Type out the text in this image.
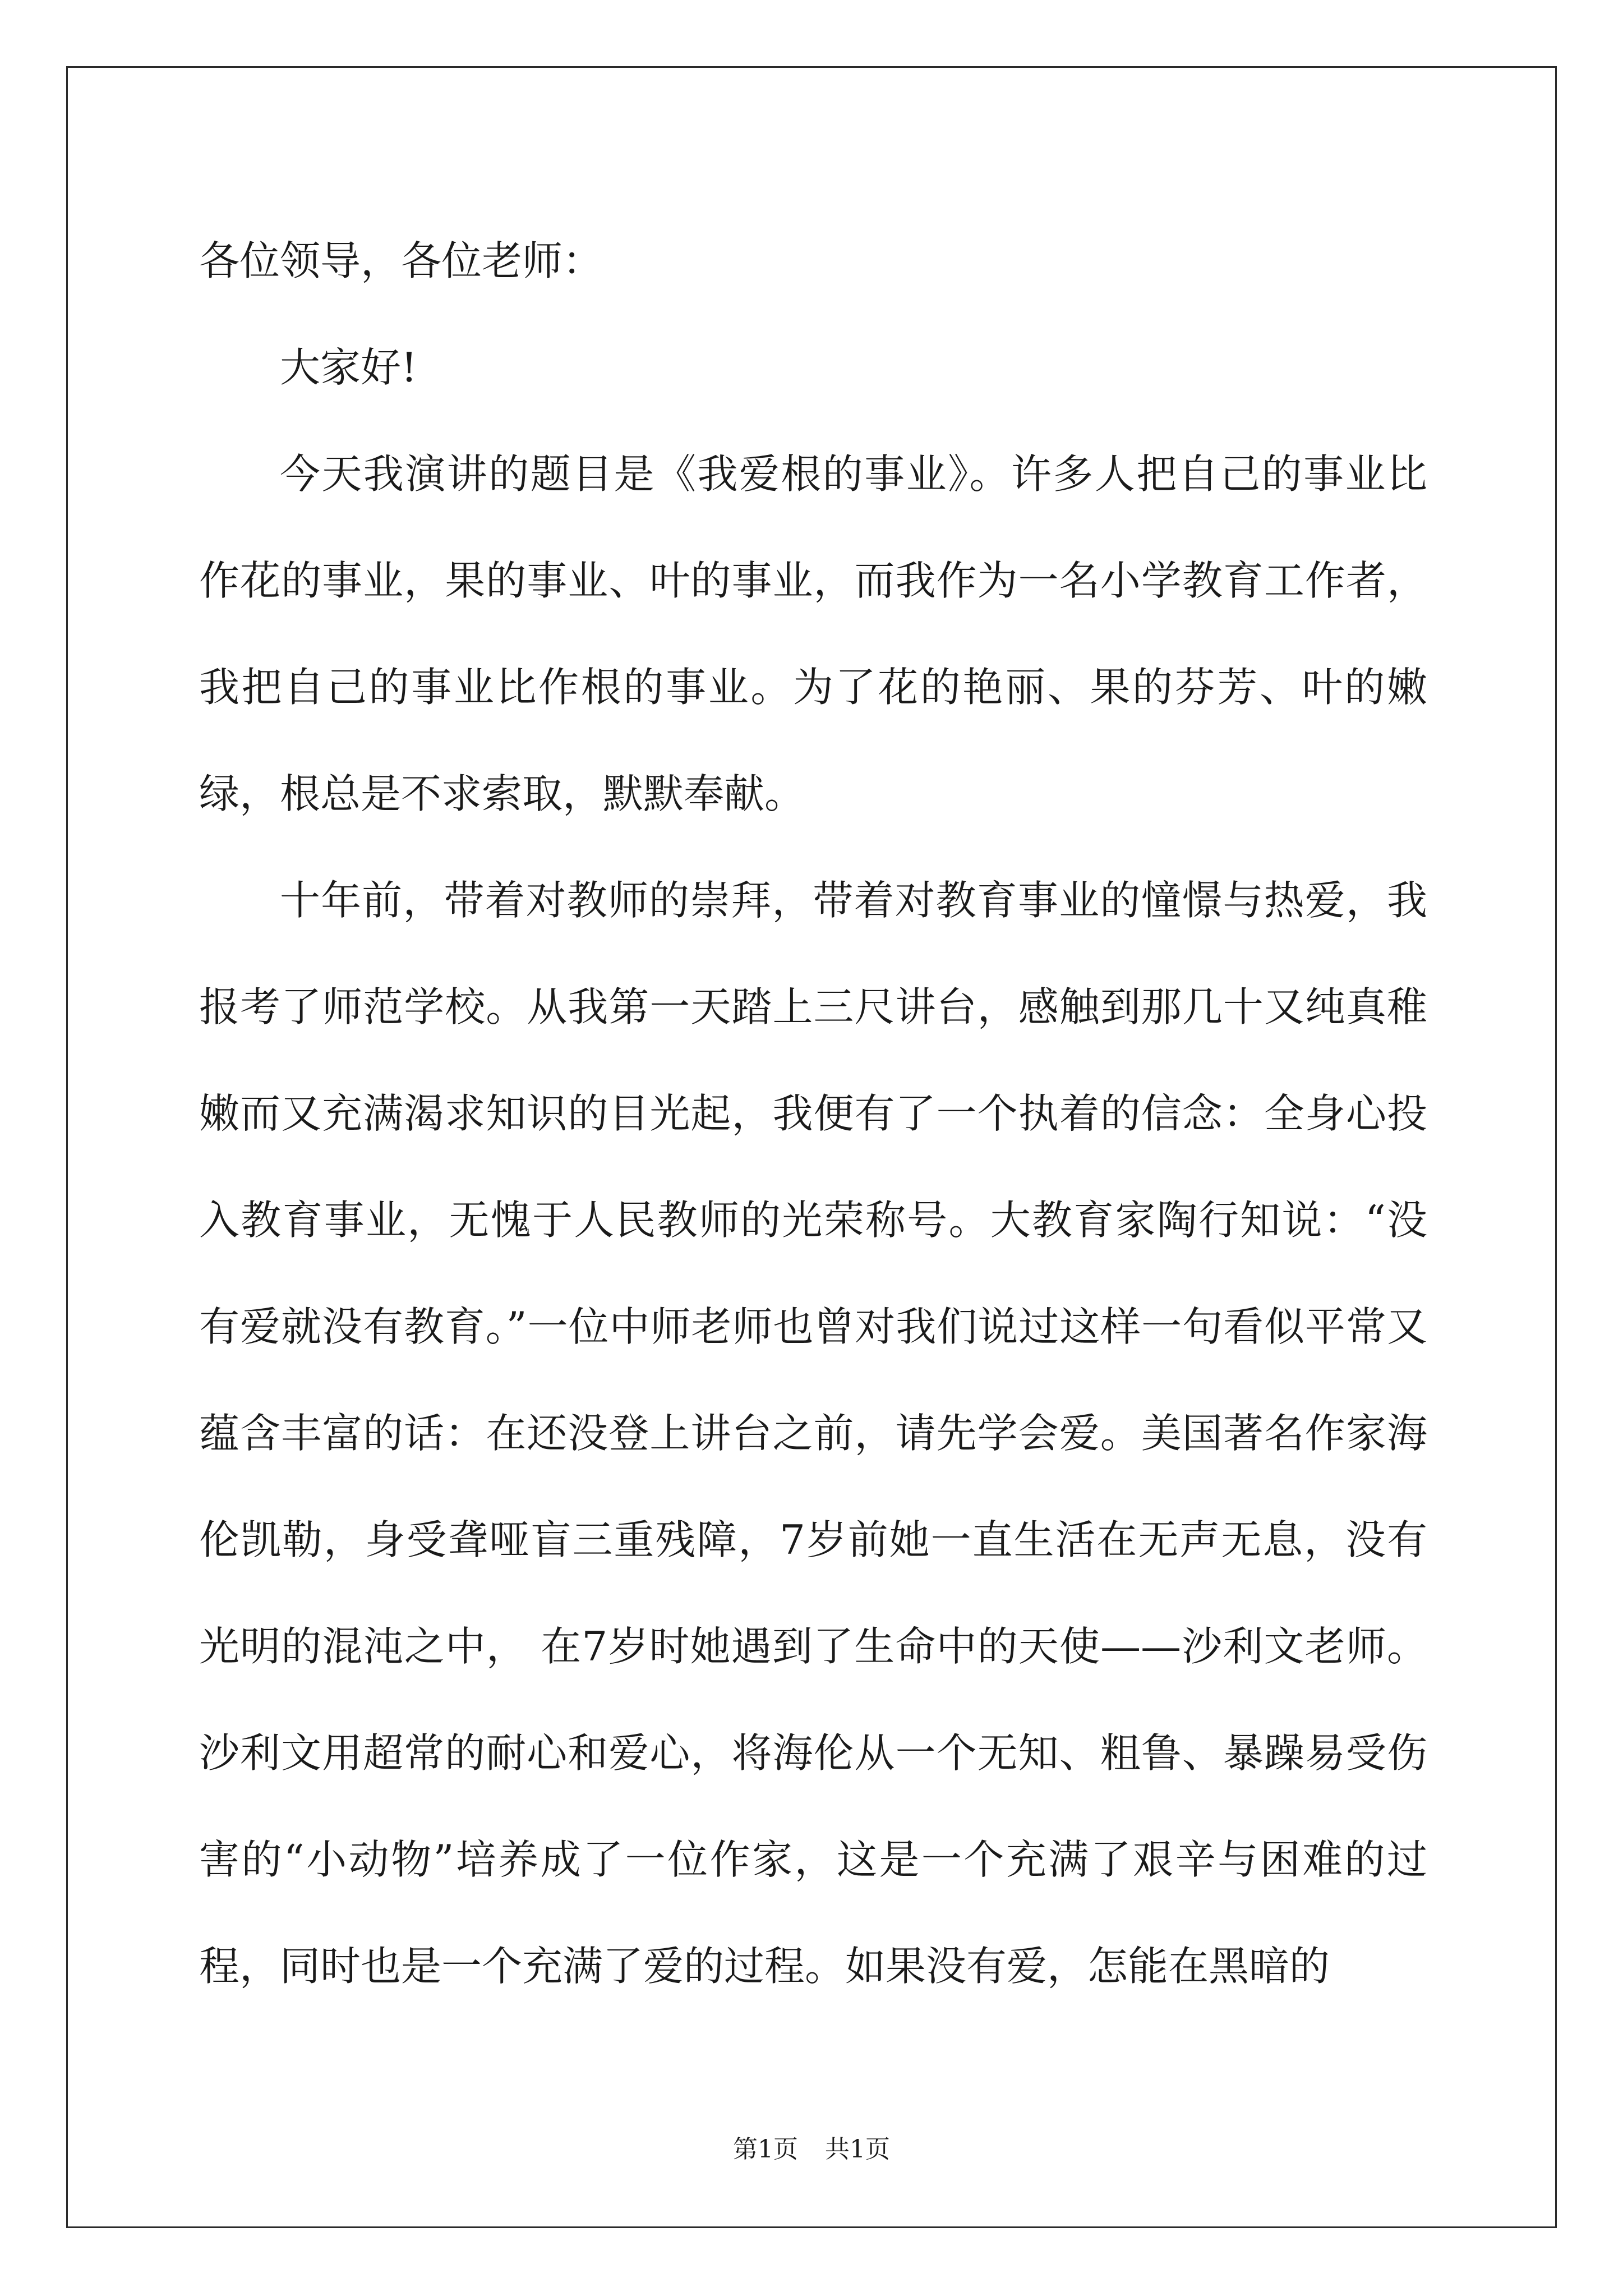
各位领导，各位老师：

大家好!

今天我演讲的题目是《我爱根的事业》。许多人把自己的事业比作花的事业，果的事业、叶的事业，而我作为一名小学教育工作者，我把自己的事业比作根的事业。为了花的艳丽、果的芬芳、叶的嫩绿，根总是不求索取，默默奉献。

十年前，带着对教师的崇拜，带着对教育事业的憧憬与热爱，我报考了师范学校。从我第一天踏上三尺讲台，感触到那几十又纯真稚嫩而又充满渴求知识的目光起，我便有了一个执着的信念：全身心投入教育事业，无愧于人民教师的光荣称号。大教育家陶行知说：“没有爱就没有教育。”一位中师老师也曾对我们说过这样一句看似平常又蕴含丰富的话：在还没登上讲台之前，请先学会爱。美国著名作家海伦凯勒，身受聋哑盲三重残障，7岁前她一直生活在无声无息，没有光明的混沌之中， 在7岁时她遇到了生命中的天使——沙利文老师。沙利文用超常的耐心和爱心，将海伦从一个无知、粗鲁、暴躁易受伤害的“小动物”培养成了一位作家，这是一个充满了艰辛与困难的过程，同时也是一个充满了爱的过程。如果没有爱，怎能在黑暗的

第1页 共1页
